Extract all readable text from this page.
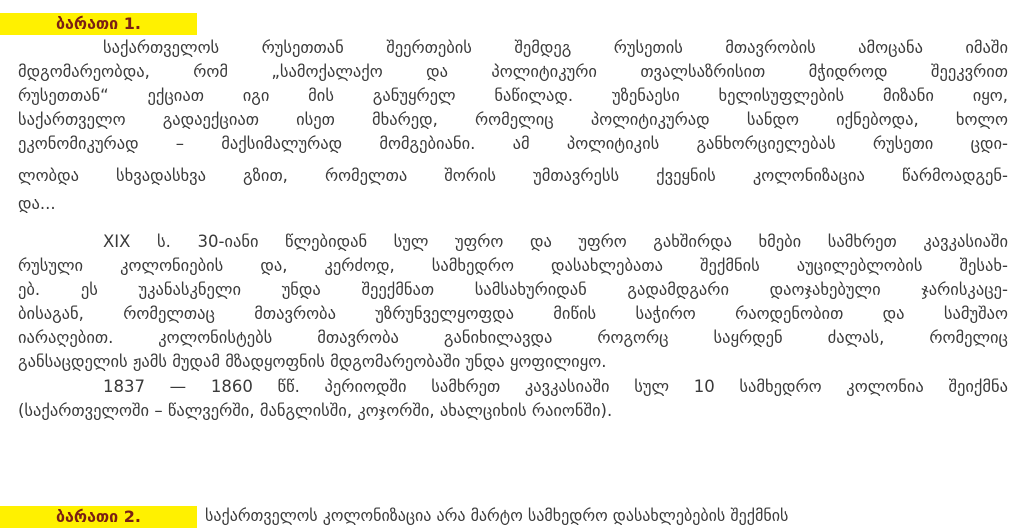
ბარათი 1.
საქართველოს რუსეთთან შეერთების შემდეგ რუსეთის მთავრობის ამოცანა იმაში
მდგომარეობდა, რომ „სამოქალაქო და პოლიტიკური თვალსაზრისით მჭიდროდ შეეკვრით
რუსეთთან“ ექციათ იგი მის განუყრელ ნაწილად. უზენაესი ხელისუფლების მიზანი იყო,
საქართველო გადაექციათ ისეთ მხარედ, რომელიც პოლიტიკურად სანდო იქნებოდა, ხოლო
ეკონომიკურად – მაქსიმალურად მომგებიანი. ამ პოლიტიკის განხორციელებას რუსეთი ცდი-
ლობდა სხვადასხვა გზით, რომელთა შორის უმთავრესს ქვეყნის კოლონიზაცია წარმოადგენ-
და...
XIX ს. 30-იანი წლებიდან სულ უფრო და უფრო გახშირდა ხმები სამხრეთ კავკასიაში
რუსული კოლონიების და, კერძოდ, სამხედრო დასახლებათა შექმნის აუცილებლობის შესახ-
ებ. ეს უკანასკნელი უნდა შეექმნათ სამსახურიდან გადამდგარი დაოჯახებული ჯარისკაცე-
ბისაგან, რომელთაც მთავრობა უზრუნველყოფდა მიწის საჭირო რაოდენობით და სამუშაო
იარაღებით. კოლონისტებს მთავრობა განიხილავდა როგორც საყრდენ ძალას, რომელიც
განსაცდელის ჟამს მუდამ მზადყოფნის მდგომარეობაში უნდა ყოფილიყო.
1837 — 1860 წწ. პერიოდში სამხრეთ კავკასიაში სულ 10 სამხედრო კოლონია შეიქმნა
(საქართველოში – წალვერში, მანგლისში, კოჯორში, ახალციხის რაიონში).
ბარათი 2.	საქართველოს კოლონიზაცია არა მარტო სამხედრო დასახლებების შექმნის
